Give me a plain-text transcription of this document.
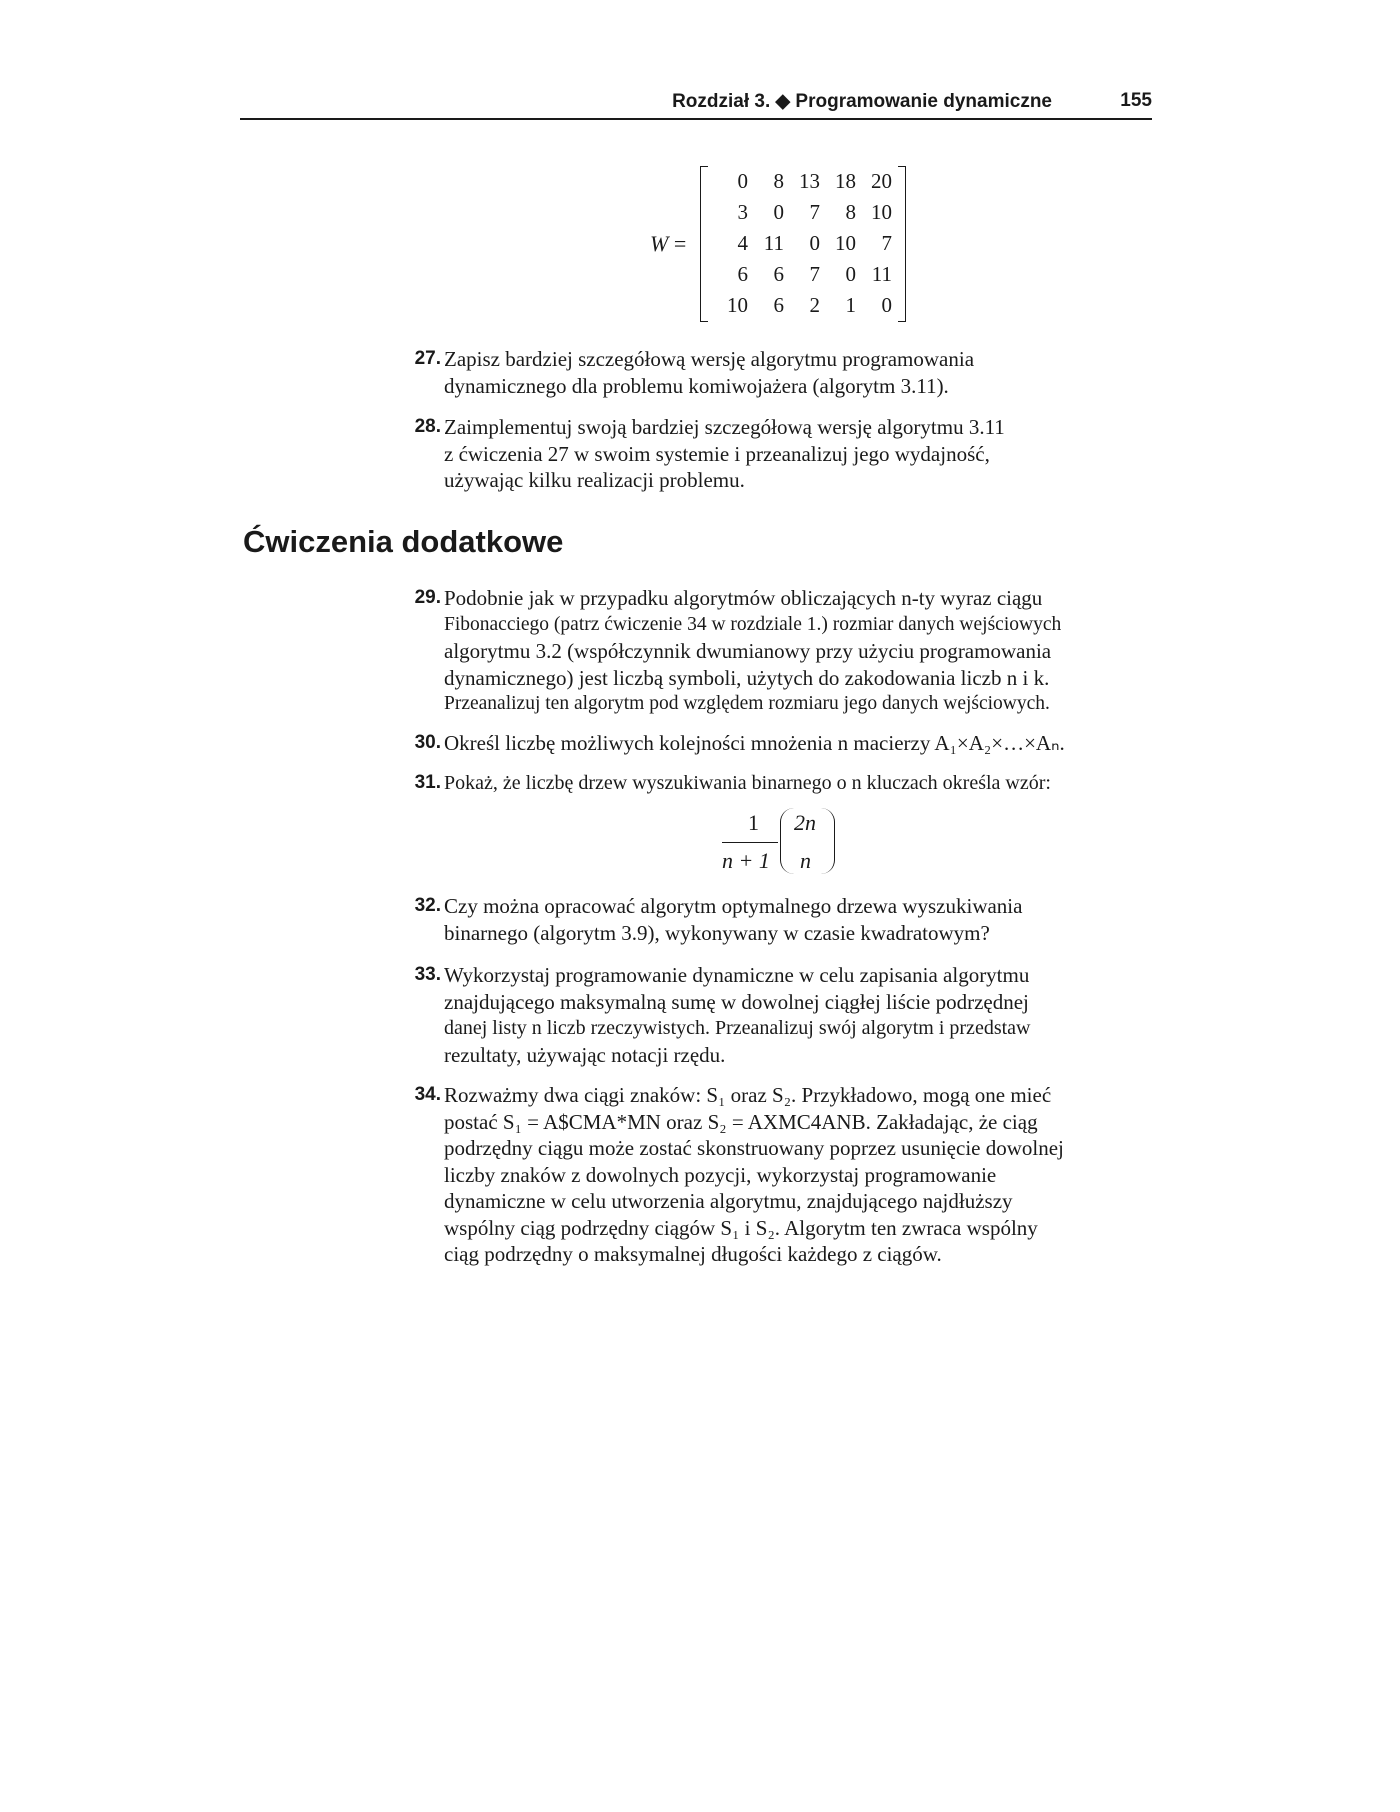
Rozdział 3. ◆ Programowanie dynamiczne	155
W =
0	8	13	18	20
3	0	7	8	10
4	11	0	10	7
6	6	7	0	11
10	6	2	1	0
27. Zapisz bardziej szczegółową wersję algorytmu programowania
dynamicznego dla problemu komiwojażera (algorytm 3.11).
28. Zaimplementuj swoją bardziej szczegółową wersję algorytmu 3.11
z ćwiczenia 27 w swoim systemie i przeanalizuj jego wydajność,
używając kilku realizacji problemu.
Ćwiczenia dodatkowe
29. Podobnie jak w przypadku algorytmów obliczających n-ty wyraz ciągu
Fibonacciego (patrz ćwiczenie 34 w rozdziale 1.) rozmiar danych wejściowych
algorytmu 3.2 (współczynnik dwumianowy przy użyciu programowania
dynamicznego) jest liczbą symboli, użytych do zakodowania liczb n i k.
Przeanalizuj ten algorytm pod względem rozmiaru jego danych wejściowych.
30. Określ liczbę możliwych kolejności mnożenia n macierzy A₁×A₂×…×Aₙ.
31. Pokaż, że liczbę drzew wyszukiwania binarnego o n kluczach określa wzór:
1
n + 1
2n
n
32. Czy można opracować algorytm optymalnego drzewa wyszukiwania
binarnego (algorytm 3.9), wykonywany w czasie kwadratowym?
33. Wykorzystaj programowanie dynamiczne w celu zapisania algorytmu
znajdującego maksymalną sumę w dowolnej ciągłej liście podrzędnej
danej listy n liczb rzeczywistych. Przeanalizuj swój algorytm i przedstaw
rezultaty, używając notacji rzędu.
34. Rozważmy dwa ciągi znaków: S₁ oraz S₂. Przykładowo, mogą one mieć
postać S₁ = A$CMA*MN oraz S₂ = AXMC4ANB. Zakładając, że ciąg
podrzędny ciągu może zostać skonstruowany poprzez usunięcie dowolnej
liczby znaków z dowolnych pozycji, wykorzystaj programowanie
dynamiczne w celu utworzenia algorytmu, znajdującego najdłuższy
wspólny ciąg podrzędny ciągów S₁ i S₂. Algorytm ten zwraca wspólny
ciąg podrzędny o maksymalnej długości każdego z ciągów.
